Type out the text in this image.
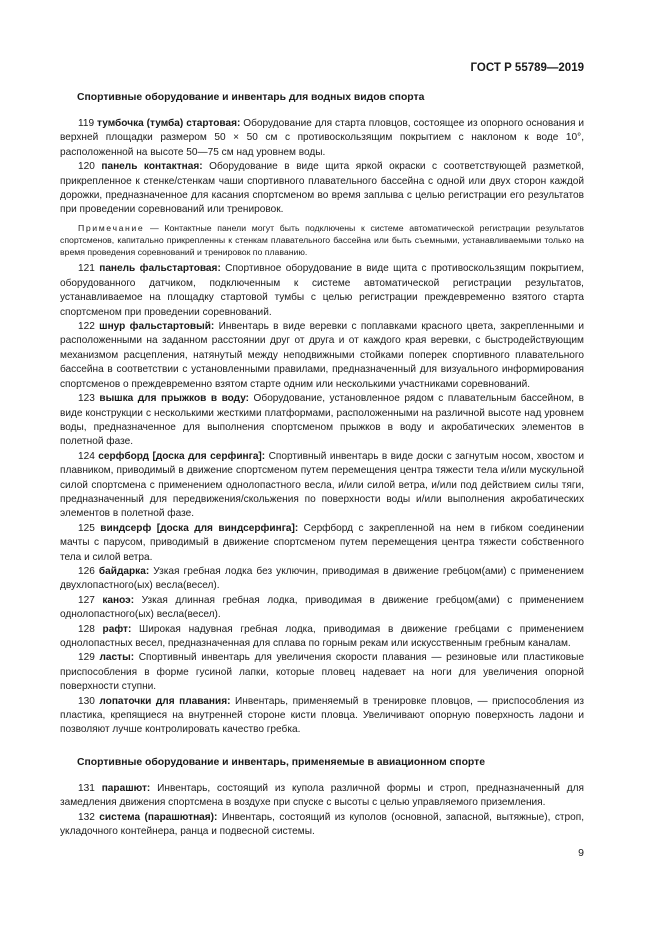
ГОСТ Р 55789—2019
Спортивные оборудование и инвентарь для водных видов спорта

119 тумбочка (тумба) стартовая: Оборудование для старта пловцов, состоящее из опорного основания и верхней площадки размером 50 × 50 см с противоскользящим покрытием с наклоном к воде 10°, расположенной на высоте 50—75 см над уровнем воды.

120 панель контактная: Оборудование в виде щита яркой окраски с соответствующей разметкой, прикрепленное к стенке/стенкам чаши спортивного плавательного бассейна с одной или двух сторон каждой дорожки, предназначенное для касания спортсменом во время заплыва с целью регистрации его результатов при проведении соревнований или тренировок.

Примечание — Контактные панели могут быть подключены к системе автоматической регистрации результатов спортсменов, капитально прикрепленны к стенкам плавательного бассейна или быть съемными, устанавливаемыми только на время проведения соревнований и тренировок по плаванию.

121 панель фальстартовая: Спортивное оборудование в виде щита с противоскользящим покрытием, оборудованного датчиком, подключенным к системе автоматической регистрации результатов, устанавливаемое на площадку стартовой тумбы с целью регистрации преждевременно взятого старта спортсменом при проведении соревнований.

122 шнур фальстартовый: Инвентарь в виде веревки с поплавками красного цвета, закрепленными и расположенными на заданном расстоянии друг от друга и от каждого края веревки, с быстродействующим механизмом расцепления, натянутый между неподвижными стойками поперек спортивного плавательного бассейна в соответствии с установленными правилами, предназначенный для визуального информирования спортсменов о преждевременно взятом старте одним или несколькими участниками соревнований.

123 вышка для прыжков в воду: Оборудование, установленное рядом с плавательным бассейном, в виде конструкции с несколькими жесткими платформами, расположенными на различной высоте над уровнем воды, предназначенное для выполнения спортсменом прыжков в воду и акробатических элементов в полетной фазе.

124 серфборд [доска для серфинга]: Спортивный инвентарь в виде доски с загнутым носом, хвостом и плавником, приводимый в движение спортсменом путем перемещения центра тяжести тела и/или мускульной силой спортсмена с применением однолопастного весла, и/или силой ветра, и/или под действием силы тяги, предназначенный для передвижения/скольжения по поверхности воды и/или выполнения акробатических элементов в полетной фазе.

125 виндсерф [доска для виндсерфинга]: Серфборд с закрепленной на нем в гибком соединении мачты с парусом, приводимый в движение спортсменом путем перемещения центра тяжести собственного тела и силой ветра.

126 байдарка: Узкая гребная лодка без уключин, приводимая в движение гребцом(ами) с применением двухлопастного(ых) весла(весел).

127 каноэ: Узкая длинная гребная лодка, приводимая в движение гребцом(ами) с применением однолопастного(ых) весла(весел).

128 рафт: Широкая надувная гребная лодка, приводимая в движение гребцами с применением однолопастных весел, предназначенная для сплава по горным рекам или искусственным гребным каналам.

129 ласты: Спортивный инвентарь для увеличения скорости плавания — резиновые или пластиковые приспособления в форме гусиной лапки, которые пловец надевает на ноги для увеличения опорной поверхности ступни.

130 лопаточки для плавания: Инвентарь, применяемый в тренировке пловцов, — приспособления из пластика, крепящиеся на внутренней стороне кисти пловца. Увеличивают опорную поверхность ладони и позволяют лучше контролировать качество гребка.

Спортивные оборудование и инвентарь, применяемые в авиационном спорте

131 парашют: Инвентарь, состоящий из купола различной формы и строп, предназначенный для замедления движения спортсмена в воздухе при спуске с высоты с целью управляемого приземления.

132 система (парашютная): Инвентарь, состоящий из куполов (основной, запасной, вытяжные), строп, укладочного контейнера, ранца и подвесной системы.

9
